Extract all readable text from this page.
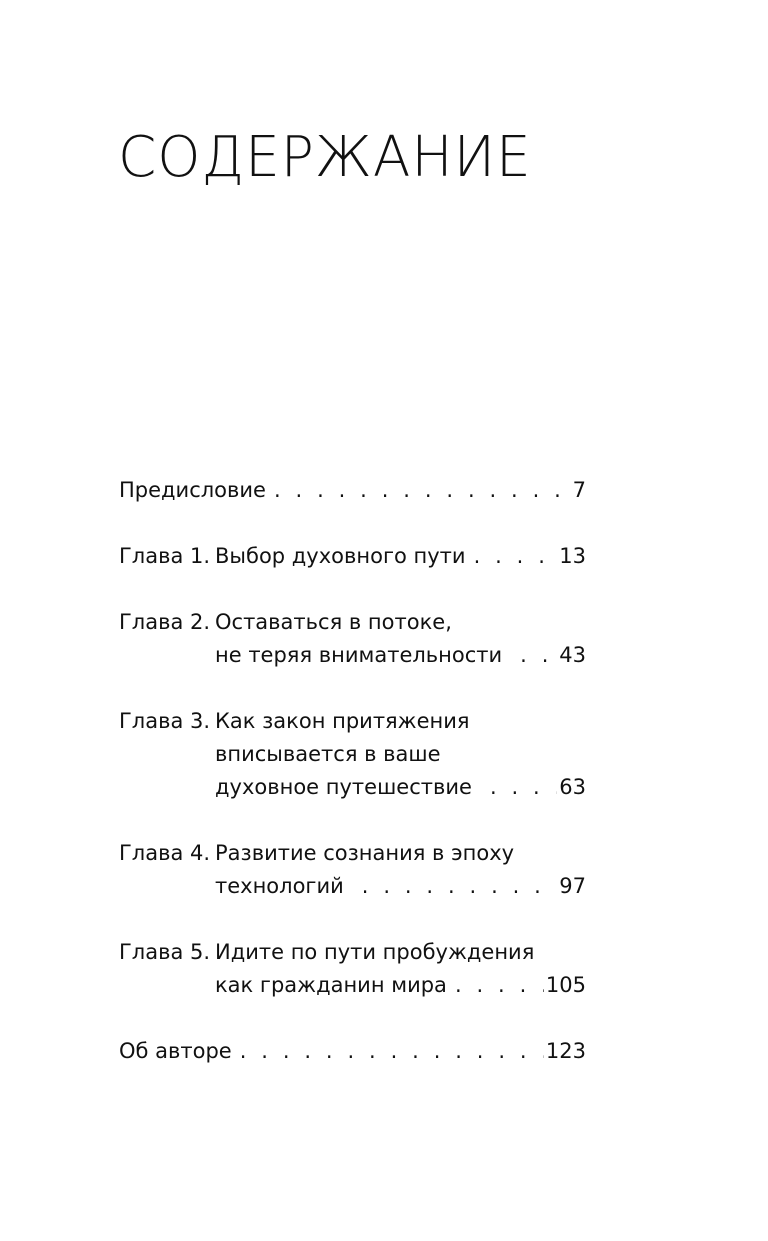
СОДЕРЖАНИЕ
Предисловие . . .	7
Глава 1. Выбор духовного пути . . .	13
Глава 2. Оставаться в потоке,
не теряя внимательности . . .	43
Глава 3. Как закон притяжения
вписывается в ваше
духовное путешествие . . .	63
Глава 4. Развитие сознания в эпоху
технологий . . .	97
Глава 5. Идите по пути пробуждения
как гражданин мира . . .	105
Об авторе . . .	123
